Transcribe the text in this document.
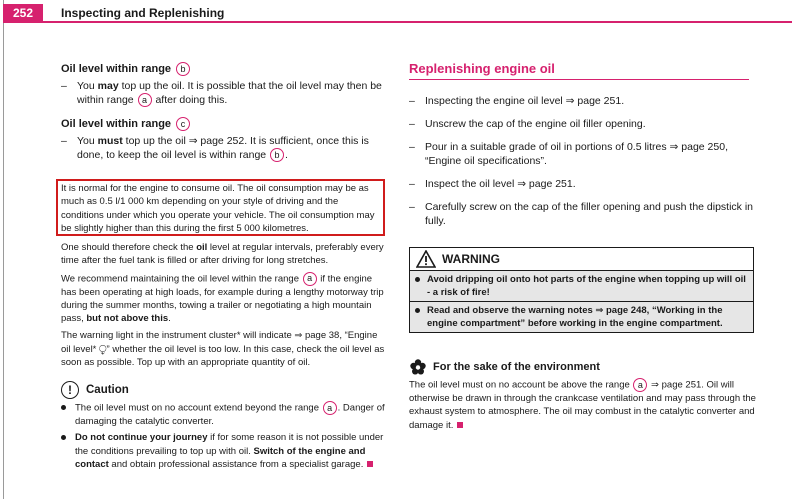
252	Inspecting and Replenishing
Oil level within range	b
– You may top up the oil. It is possible that the oil level may then be within range a after doing this.
Oil level within range	c
– You must top up the oil ⇒ page 252. It is sufficient, once this is done, to keep the oil level is within range b .
It is normal for the engine to consume oil. The oil consumption may be as much as 0.5 l/1 000 km depending on your style of driving and the conditions under which you operate your vehicle. The oil consumption may be slightly higher than this during the first 5 000 kilometres.

One should therefore check the oil level at regular intervals, preferably every time after the fuel tank is filled or after driving for long stretches.

We recommend maintaining the oil level within the range a if the engine has been operating at high loads, for example during a lengthy motorway trip during the summer months, towing a trailer or negotiating a high mountain pass, but not above this.

The warning light in the instrument cluster* will indicate ⇒ page 38, “Engine oil level* ⧬” whether the oil level is too low. In this case, check the oil level as soon as possible. Top up with an appropriate quantity of oil.

!	Caution
The oil level must on no account extend beyond the range a . Danger of damaging the catalytic converter.
Do not continue your journey if for some reason it is not possible under the conditions prevailing to top up with oil. Switch of the engine and contact and obtain professional assistance from a specialist garage.
Replenishing engine oil
– Inspecting the engine oil level ⇒ page 251.
– Unscrew the cap of the engine oil filler opening.
– Pour in a suitable grade of oil in portions of 0.5 litres ⇒ page 250, “Engine oil specifications”.
– Inspect the oil level ⇒ page 251.
– Carefully screw on the cap of the filler opening and push the dipstick in fully.
WARNING
Avoid dripping oil onto hot parts of the engine when topping up will oil - a risk of fire!
Read and observe the warning notes ⇒ page 248, “Working in the engine compartment” before working in the engine compartment.
For the sake of the environment

The oil level must on no account be above the range a ⇒ page 251. Oil will otherwise be drawn in through the crankcase ventilation and may pass through the exhaust system to atmosphere. The oil may combust in the catalytic converter and damage it.
